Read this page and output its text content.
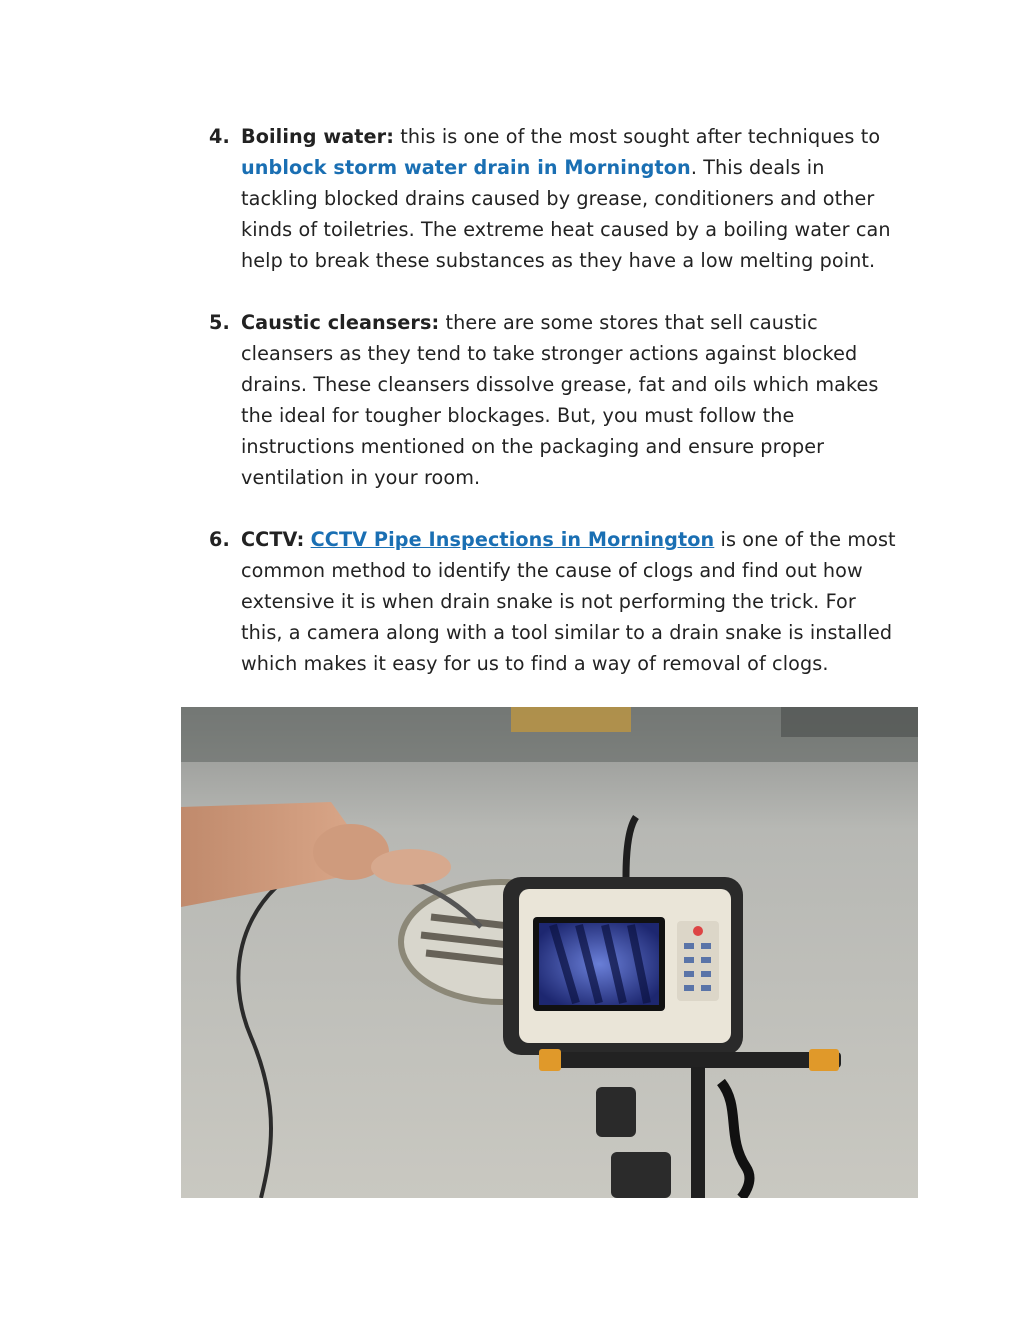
4. Boiling water: this is one of the most sought after techniques to unblock storm water drain in Mornington. This deals in tackling blocked drains caused by grease, conditioners and other kinds of toiletries. The extreme heat caused by a boiling water can help to break these substances as they have a low melting point.
5. Caustic cleansers: there are some stores that sell caustic cleansers as they tend to take stronger actions against blocked drains. These cleansers dissolve grease, fat and oils which makes the ideal for tougher blockages. But, you must follow the instructions mentioned on the packaging and ensure proper ventilation in your room.
6. CCTV: CCTV Pipe Inspections in Mornington is one of the most common method to identify the cause of clogs and find out how extensive it is when drain snake is not performing the trick. For this, a camera along with a tool similar to a drain snake is installed which makes it easy for us to find a way of removal of clogs.
